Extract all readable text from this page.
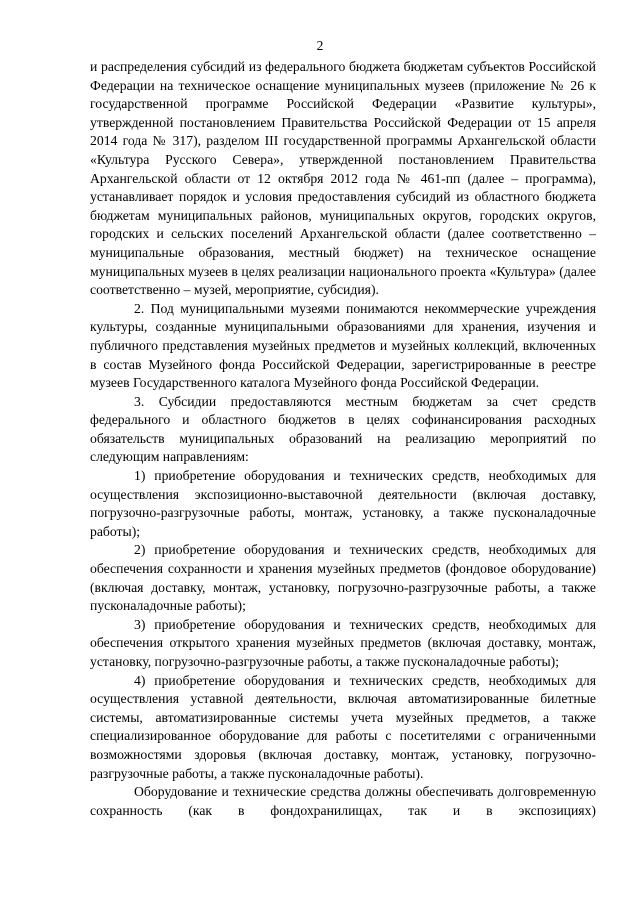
2

и распределения субсидий из федерального бюджета бюджетам субъектов Российской Федерации на техническое оснащение муниципальных музеев (приложение № 26 к государственной программе Российской Федерации «Развитие культуры», утвержденной постановлением Правительства Российской Федерации от 15 апреля 2014 года № 317), разделом III государственной программы Архангельской области «Культура Русского Севера», утвержденной постановлением Правительства Архангельской области от 12 октября 2012 года № 461-пп (далее – программа), устанавливает порядок и условия предоставления субсидий из областного бюджета бюджетам муниципальных районов, муниципальных округов, городских округов, городских и сельских поселений Архангельской области (далее соответственно – муниципальные образования, местный бюджет) на техническое оснащение муниципальных музеев в целях реализации национального проекта «Культура» (далее соответственно – музей, мероприятие, субсидия).

2. Под муниципальными музеями понимаются некоммерческие учреждения культуры, созданные муниципальными образованиями для хранения, изучения и публичного представления музейных предметов и музейных коллекций, включенных в состав Музейного фонда Российской Федерации, зарегистрированные в реестре музеев Государственного каталога Музейного фонда Российской Федерации.

3. Субсидии предоставляются местным бюджетам за счет средств федерального и областного бюджетов в целях софинансирования расходных обязательств муниципальных образований на реализацию мероприятий по следующим направлениям:

1) приобретение оборудования и технических средств, необходимых для осуществления экспозиционно-выставочной деятельности (включая доставку, погрузочно-разгрузочные работы, монтаж, установку, а также пусконаладочные работы);

2) приобретение оборудования и технических средств, необходимых для обеспечения сохранности и хранения музейных предметов (фондовое оборудование) (включая доставку, монтаж, установку, погрузочно-разгрузочные работы, а также пусконаладочные работы);

3) приобретение оборудования и технических средств, необходимых для обеспечения открытого хранения музейных предметов (включая доставку, монтаж, установку, погрузочно-разгрузочные работы, а также пусконаладочные работы);

4) приобретение оборудования и технических средств, необходимых для осуществления уставной деятельности, включая автоматизированные билетные системы, автоматизированные системы учета музейных предметов, а также специализированное оборудование для работы с посетителями с ограниченными возможностями здоровья (включая доставку, монтаж, установку, погрузочно-разгрузочные работы, а также пусконаладочные работы).

Оборудование и технические средства должны обеспечивать долговременную сохранность (как в фондохранилищах, так и в экспозициях)
